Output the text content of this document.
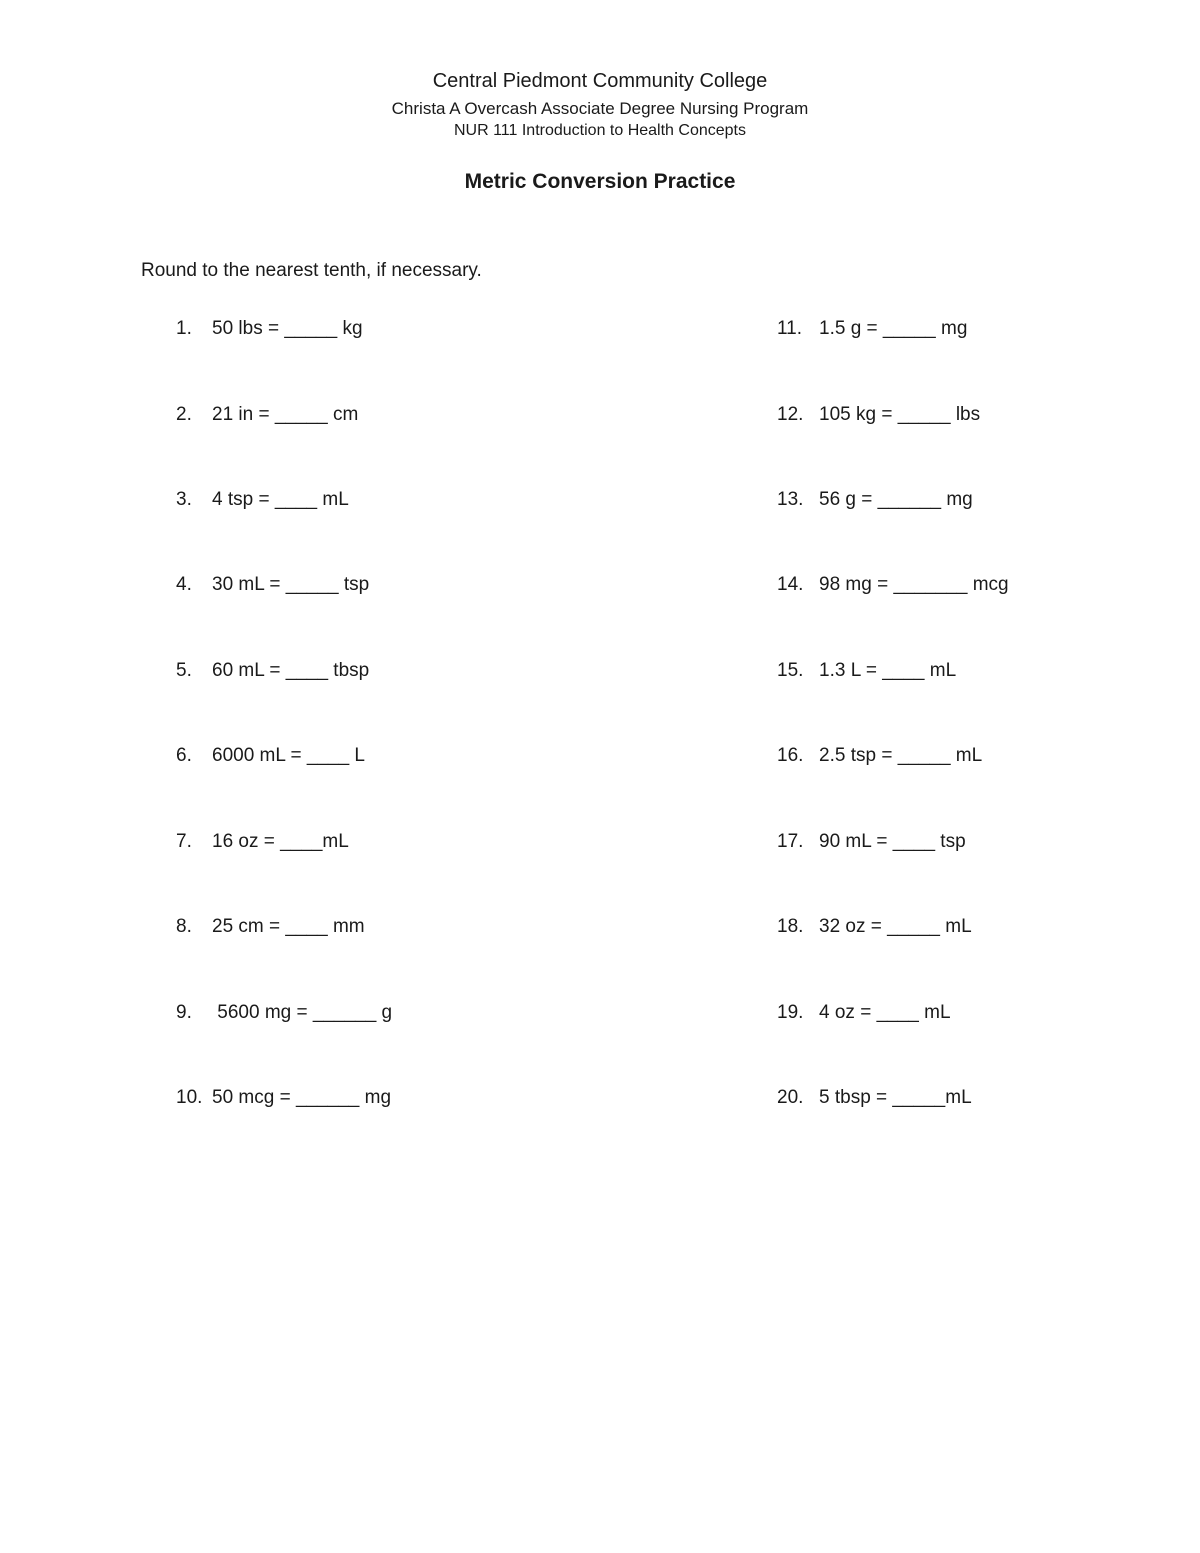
Central Piedmont Community College
Christa A Overcash Associate Degree Nursing Program
NUR 111 Introduction to Health Concepts
Metric Conversion Practice
Round to the nearest tenth, if necessary.

1.

50 lbs = _____ kg

2.

21 in = _____ cm

3.

4 tsp = ____ mL

4.

30 mL = _____ tsp

5.

60 mL = ____ tbsp

6.

6000 mL = ____ L

7.

16 oz = ____mL

8.

25 cm = ____ mm

9.

5600 mg = ______ g

10.

50 mcg = ______ mg

11.

1.5 g = _____ mg

12.

105 kg = _____ lbs

13.

56 g = ______ mg

14.

98 mg = _______ mcg

15.

1.3 L = ____ mL

16.

2.5 tsp = _____ mL

17.

90 mL = ____ tsp

18.

32 oz = _____ mL

19.

4 oz = ____ mL

20.

5 tbsp = _____mL
